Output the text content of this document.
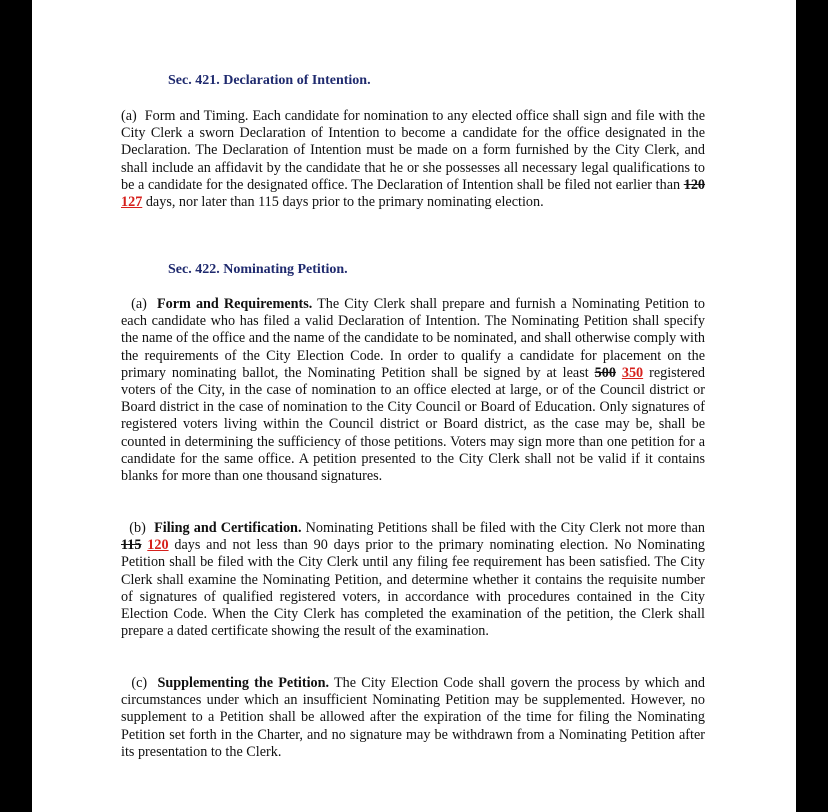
Sec. 421. Declaration of Intention.
(a) Form and Timing. Each candidate for nomination to any elected office shall sign and file with the City Clerk a sworn Declaration of Intention to become a candidate for the office designated in the Declaration. The Declaration of Intention must be made on a form furnished by the City Clerk, and shall include an affidavit by the candidate that he or she possesses all necessary legal qualifications to be a candidate for the designated office. The Declaration of Intention shall be filed not earlier than 120 127 days, nor later than 115 days prior to the primary nominating election.
Sec. 422. Nominating Petition.
(a) Form and Requirements. The City Clerk shall prepare and furnish a Nominating Petition to each candidate who has filed a valid Declaration of Intention. The Nominating Petition shall specify the name of the office and the name of the candidate to be nominated, and shall otherwise comply with the requirements of the City Election Code. In order to qualify a candidate for placement on the primary nominating ballot, the Nominating Petition shall be signed by at least 500 350 registered voters of the City, in the case of nomination to an office elected at large, or of the Council district or Board district in the case of nomination to the City Council or Board of Education. Only signatures of registered voters living within the Council district or Board district, as the case may be, shall be counted in determining the sufficiency of those petitions. Voters may sign more than one petition for a candidate for the same office. A petition presented to the City Clerk shall not be valid if it contains blanks for more than one thousand signatures.
(b) Filing and Certification. Nominating Petitions shall be filed with the City Clerk not more than 115 120 days and not less than 90 days prior to the primary nominating election. No Nominating Petition shall be filed with the City Clerk until any filing fee requirement has been satisfied. The City Clerk shall examine the Nominating Petition, and determine whether it contains the requisite number of signatures of qualified registered voters, in accordance with procedures contained in the City Election Code. When the City Clerk has completed the examination of the petition, the Clerk shall prepare a dated certificate showing the result of the examination.
(c) Supplementing the Petition. The City Election Code shall govern the process by which and circumstances under which an insufficient Nominating Petition may be supplemented. However, no supplement to a Petition shall be allowed after the expiration of the time for filing the Nominating Petition set forth in the Charter, and no signature may be withdrawn from a Nominating Petition after its presentation to the Clerk.
